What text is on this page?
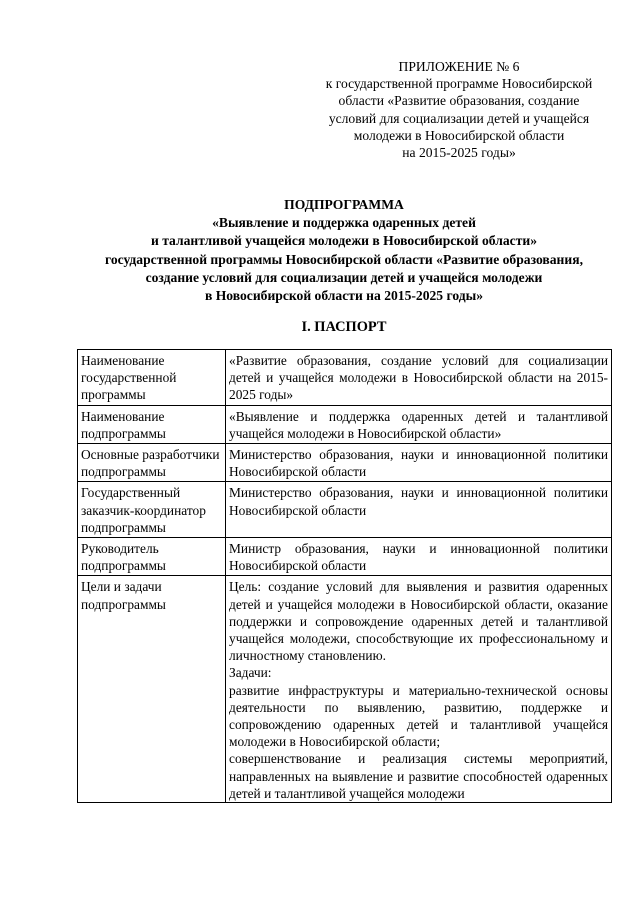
ПРИЛОЖЕНИЕ № 6
к государственной программе Новосибирской
области «Развитие образования, создание
условий для социализации детей и учащейся
молодежи в Новосибирской области
на 2015-2025 годы»
ПОДПРОГРАММА
«Выявление и поддержка одаренных детей
и талантливой учащейся молодежи в Новосибирской области»
государственной программы Новосибирской области «Развитие образования,
создание условий для социализации детей и учащейся молодежи
в Новосибирской области на 2015-2025 годы»
I. ПАСПОРТ
Наименование государственной программы	«Развитие образования, создание условий для социализации детей и учащейся молодежи в Новосибирской области на 2015-2025 годы»
Наименование подпрограммы	«Выявление и поддержка одаренных детей и талантливой учащейся молодежи в Новосибирской области»
Основные разработчики подпрограммы	Министерство образования, науки и инновационной политики Новосибирской области
Государственный заказчик-координатор подпрограммы	Министерство образования, науки и инновационной политики Новосибирской области
Руководитель подпрограммы	Министр образования, науки и инновационной политики Новосибирской области
Цели и задачи подпрограммы	Цель: создание условий для выявления и развития одаренных детей и учащейся молодежи в Новосибирской области, оказание поддержки и сопровождение одаренных детей и талантливой учащейся молодежи, способствующие их профессиональному и личностному становлению.
Задачи:
развитие инфраструктуры и материально-технической основы деятельности по выявлению, развитию, поддержке и сопровождению одаренных детей и талантливой учащейся молодежи в Новосибирской области;
совершенствование и реализация системы мероприятий, направленных на выявление и развитие способностей одаренных детей и талантливой учащейся молодежи
